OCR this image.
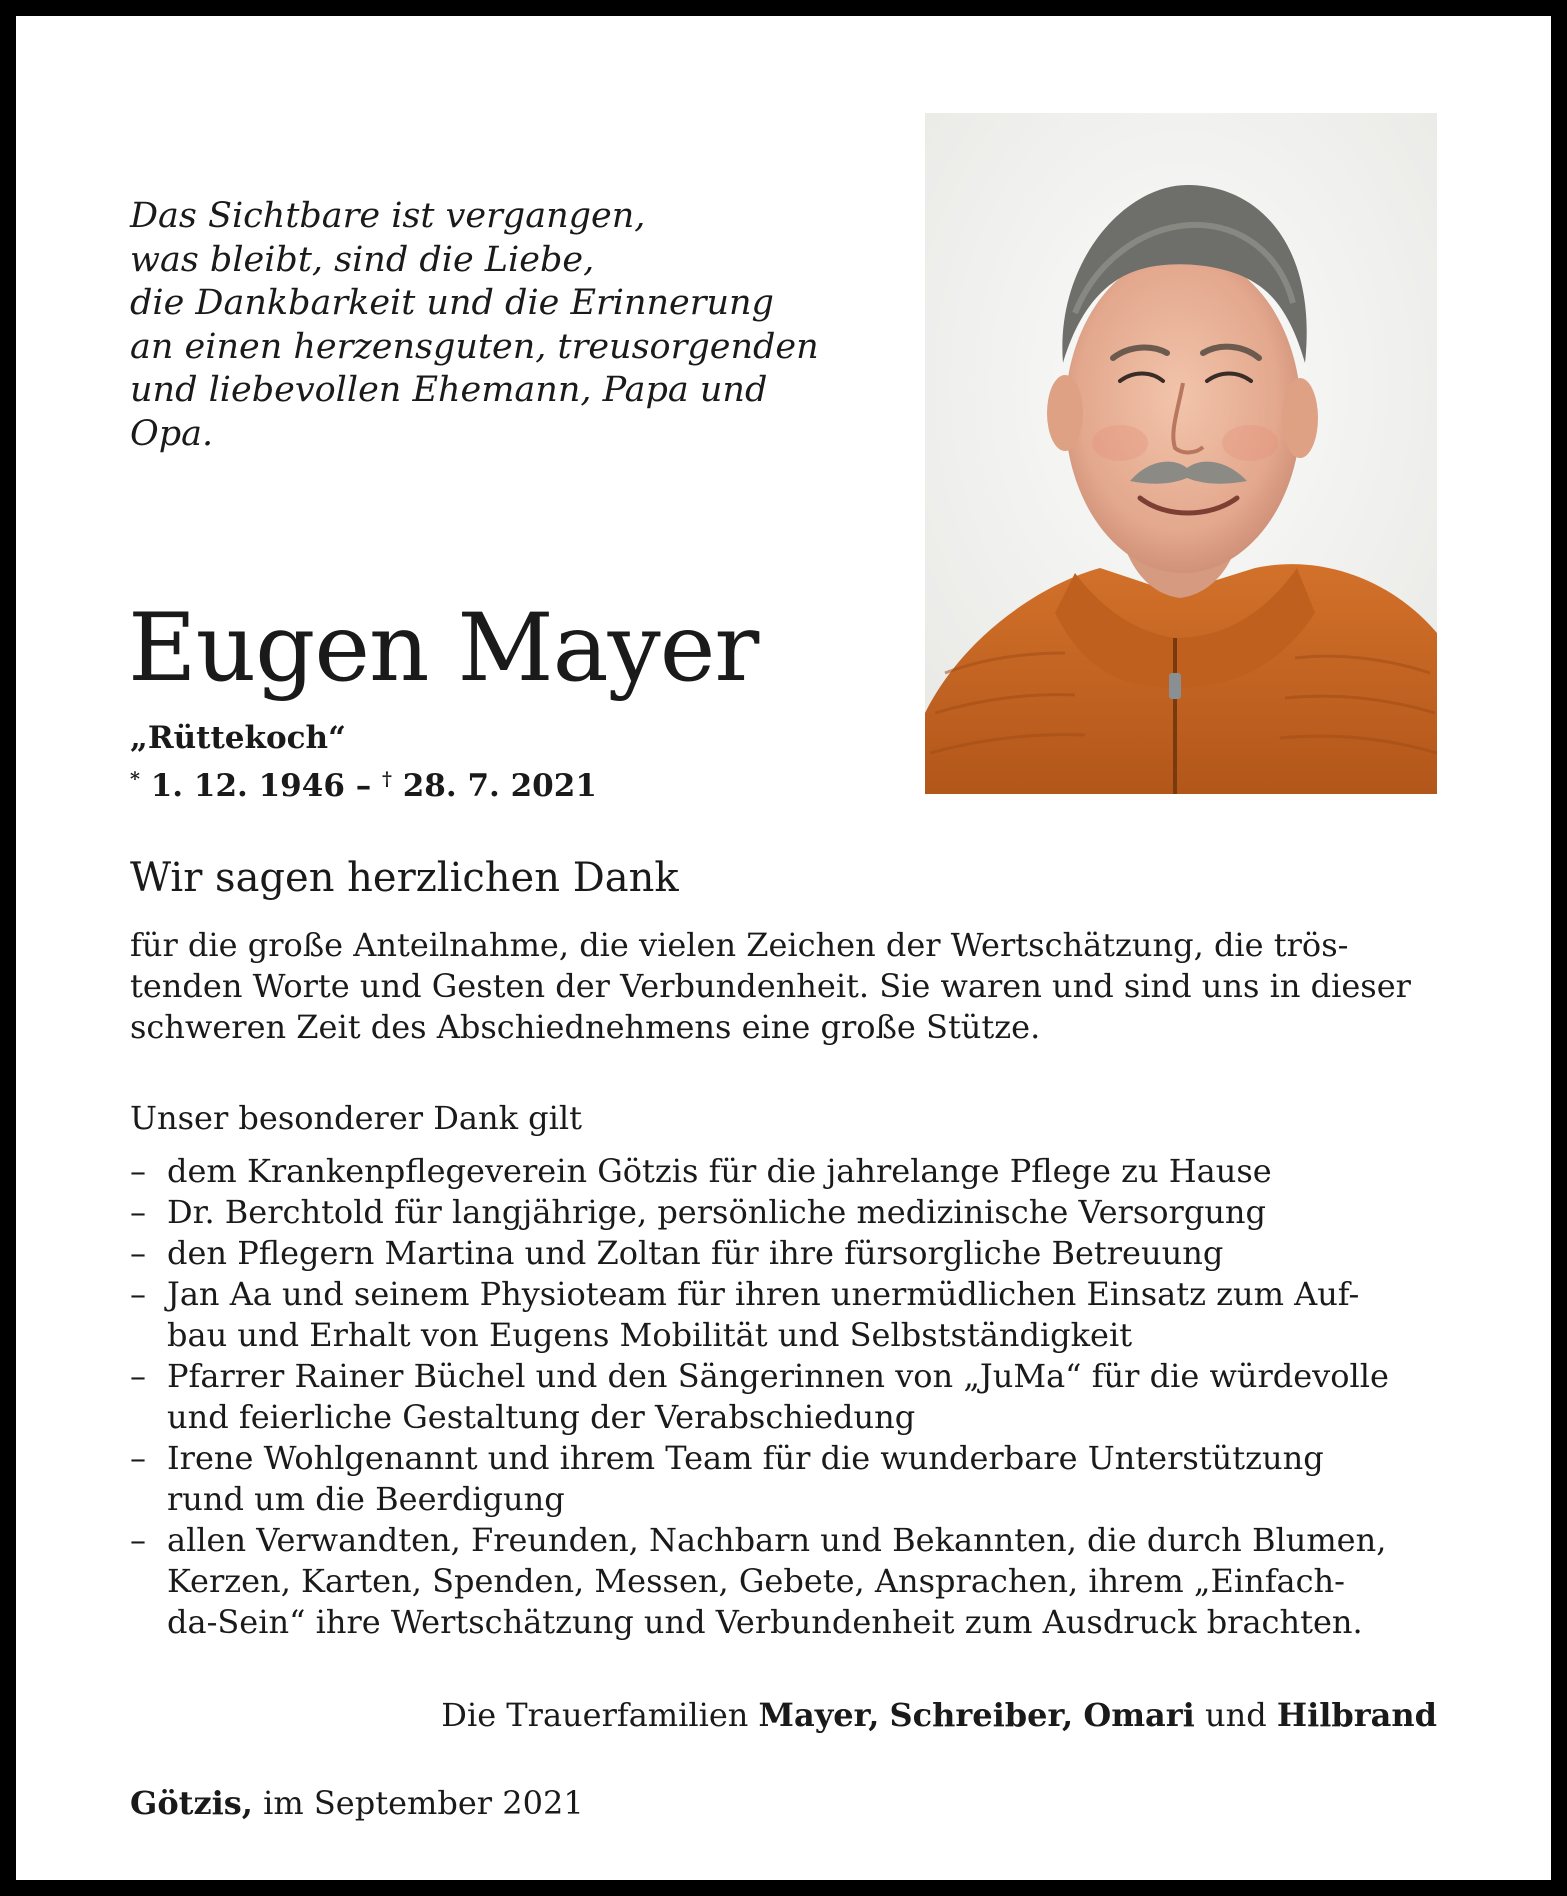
Das Sichtbare ist vergangen,
was bleibt, sind die Liebe,
die Dankbarkeit und die Erinnerung
an einen herzensguten, treusorgenden
und liebevollen Ehemann, Papa und
Opa.
Eugen Mayer
„Rüttekoch“
* 1. 12. 1946 – † 28. 7. 2021
Wir sagen herzlichen Dank
für die große Anteilnahme, die vielen Zeichen der Wertschätzung, die trös-
tenden Worte und Gesten der Verbundenheit. Sie waren und sind uns in dieser
schweren Zeit des Abschiednehmens eine große Stütze.
Unser besonderer Dank gilt
– dem Krankenpflegeverein Götzis für die jahrelange Pflege zu Hause
– Dr. Berchtold für langjährige, persönliche medizinische Versorgung
– den Pflegern Martina und Zoltan für ihre fürsorgliche Betreuung
– Jan Aa und seinem Physioteam für ihren unermüdlichen Einsatz zum Auf-
bau und Erhalt von Eugens Mobilität und Selbstständigkeit
– Pfarrer Rainer Büchel und den Sängerinnen von „JuMa“ für die würdevolle
und feierliche Gestaltung der Verabschiedung
– Irene Wohlgenannt und ihrem Team für die wunderbare Unterstützung
rund um die Beerdigung
– allen Verwandten, Freunden, Nachbarn und Bekannten, die durch Blumen,
Kerzen, Karten, Spenden, Messen, Gebete, Ansprachen, ihrem „Einfach-
da-Sein“ ihre Wertschätzung und Verbundenheit zum Ausdruck brachten.
Die Trauerfamilien Mayer, Schreiber, Omari und Hilbrand
Götzis, im September 2021
